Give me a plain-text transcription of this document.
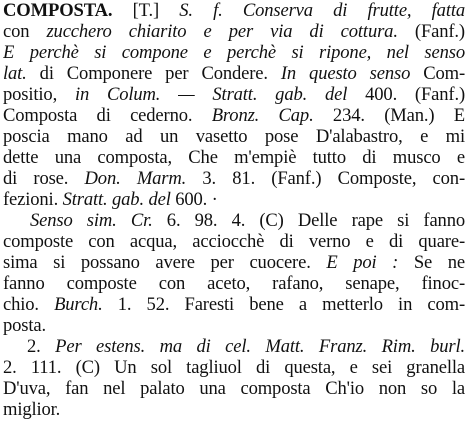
COMPOSTA. [T.] S. f. Conserva di frutte, fatta
con zucchero chiarito e per via di cottura. (Fanf.)
E perchè si compone e perchè si ripone, nel senso
lat. di Componere per Condere. In questo senso Com-
positio, in Colum. — Stratt. gab. del 400. (Fanf.)
Composta di cederno. Bronz. Cap. 234. (Man.) E
poscia mano ad un vasetto pose D'alabastro, e mi
dette una composta, Che m'empiè tutto di musco e
di rose. Don. Marm. 3. 81. (Fanf.) Composte, con-
fezioni. Stratt. gab. del 600. ·
Senso sim. Cr. 6. 98. 4. (C) Delle rape si fanno
composte con acqua, acciocchè di verno e di quare-
sima si possano avere per cuocere. E poi : Se ne
fanno composte con aceto, rafano, senape, finoc-
chio. Burch. 1. 52. Faresti bene a metterlo in com-
posta.
2. Per estens. ma di cel. Matt. Franz. Rim. burl.
2. 111. (C) Un sol tagliuol di questa, e sei granella
D'uva, fan nel palato una composta Ch'io non so la
miglior.
